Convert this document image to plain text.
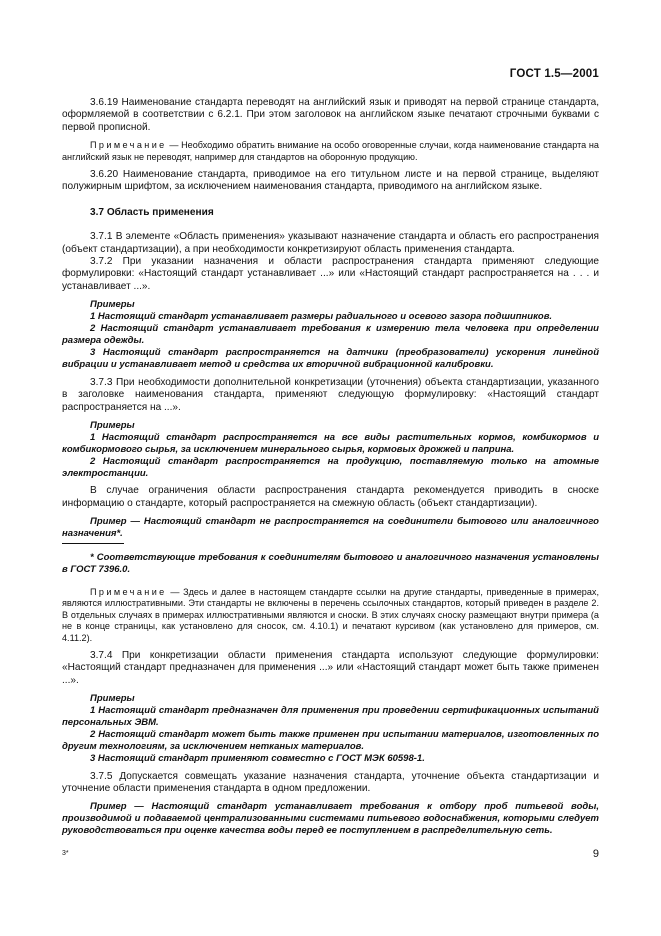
ГОСТ 1.5—2001

3.6.19 Наименование стандарта переводят на английский язык и приводят на первой странице стандарта, оформляемой в соответствии с 6.2.1. При этом заголовок на английском языке печатают строчными буквами с первой прописной.

Примечание — Необходимо обратить внимание на особо оговоренные случаи, когда наименование стандарта на английский язык не переводят, например для стандартов на оборонную продукцию.

3.6.20 Наименование стандарта, приводимое на его титульном листе и на первой странице, выделяют полужирным шрифтом, за исключением наименования стандарта, приводимого на английском языке.

3.7 Область применения

3.7.1 В элементе «Область применения» указывают назначение стандарта и область его распространения (объект стандартизации), а при необходимости конкретизируют область применения стандарта.

3.7.2 При указании назначения и области распространения стандарта применяют следующие формулировки: «Настоящий стандарт устанавливает ...» или «Настоящий стандарт распространяется на . . . и устанавливает ...».

Примеры

1 Настоящий стандарт устанавливает размеры радиального и осевого зазора подшипников.

2 Настоящий стандарт устанавливает требования к измерению тела человека при определении размера одежды.

3 Настоящий стандарт распространяется на датчики (преобразователи) ускорения линейной вибрации и устанавливает метод и средства их вторичной вибрационной калибровки.

3.7.3 При необходимости дополнительной конкретизации (уточнения) объекта стандартизации, указанного в заголовке наименования стандарта, применяют следующую формулировку: «Настоящий стандарт распространяется на ...».

Примеры

1 Настоящий стандарт распространяется на все виды растительных кормов, комбикормов и комбикормового сырья, за исключением минерального сырья, кормовых дрожжей и паприна.

2 Настоящий стандарт распространяется на продукцию, поставляемую только на атомные электростанции.

В случае ограничения области распространения стандарта рекомендуется приводить в сноске информацию о стандарте, который распространяется на смежную область (объект стандартизации).

Пример — Настоящий стандарт не распространяется на соединители бытового или аналогичного назначения*.

* Соответствующие требования к соединителям бытового и аналогичного назначения установлены в ГОСТ 7396.0.

Примечание — Здесь и далее в настоящем стандарте ссылки на другие стандарты, приведенные в примерах, являются иллюстративными. Эти стандарты не включены в перечень ссылочных стандартов, который приведен в разделе 2. В отдельных случаях в примерах иллюстративными являются и сноски. В этих случаях сноску размещают внутри примера (а не в конце страницы, как установлено для сносок, см. 4.10.1) и печатают курсивом (как установлено для примеров, см. 4.11.2).

3.7.4 При конкретизации области применения стандарта используют следующие формулировки: «Настоящий стандарт предназначен для применения ...» или «Настоящий стандарт может быть также применен ...».

Примеры

1 Настоящий стандарт предназначен для применения при проведении сертификационных испытаний персональных ЭВМ.

2 Настоящий стандарт может быть также применен при испытании материалов, изготовленных по другим технологиям, за исключением нетканых материалов.

3 Настоящий стандарт применяют совместно с ГОСТ МЭК 60598-1.

3.7.5 Допускается совмещать указание назначения стандарта, уточнение объекта стандартизации и уточнение области применения стандарта в одном предложении.

Пример — Настоящий стандарт устанавливает требования к отбору проб питьевой воды, производимой и подаваемой централизованными системами питьевого водоснабжения, которыми следует руководствоваться при оценке качества воды перед ее поступлением в распределительную сеть.

3*	9
